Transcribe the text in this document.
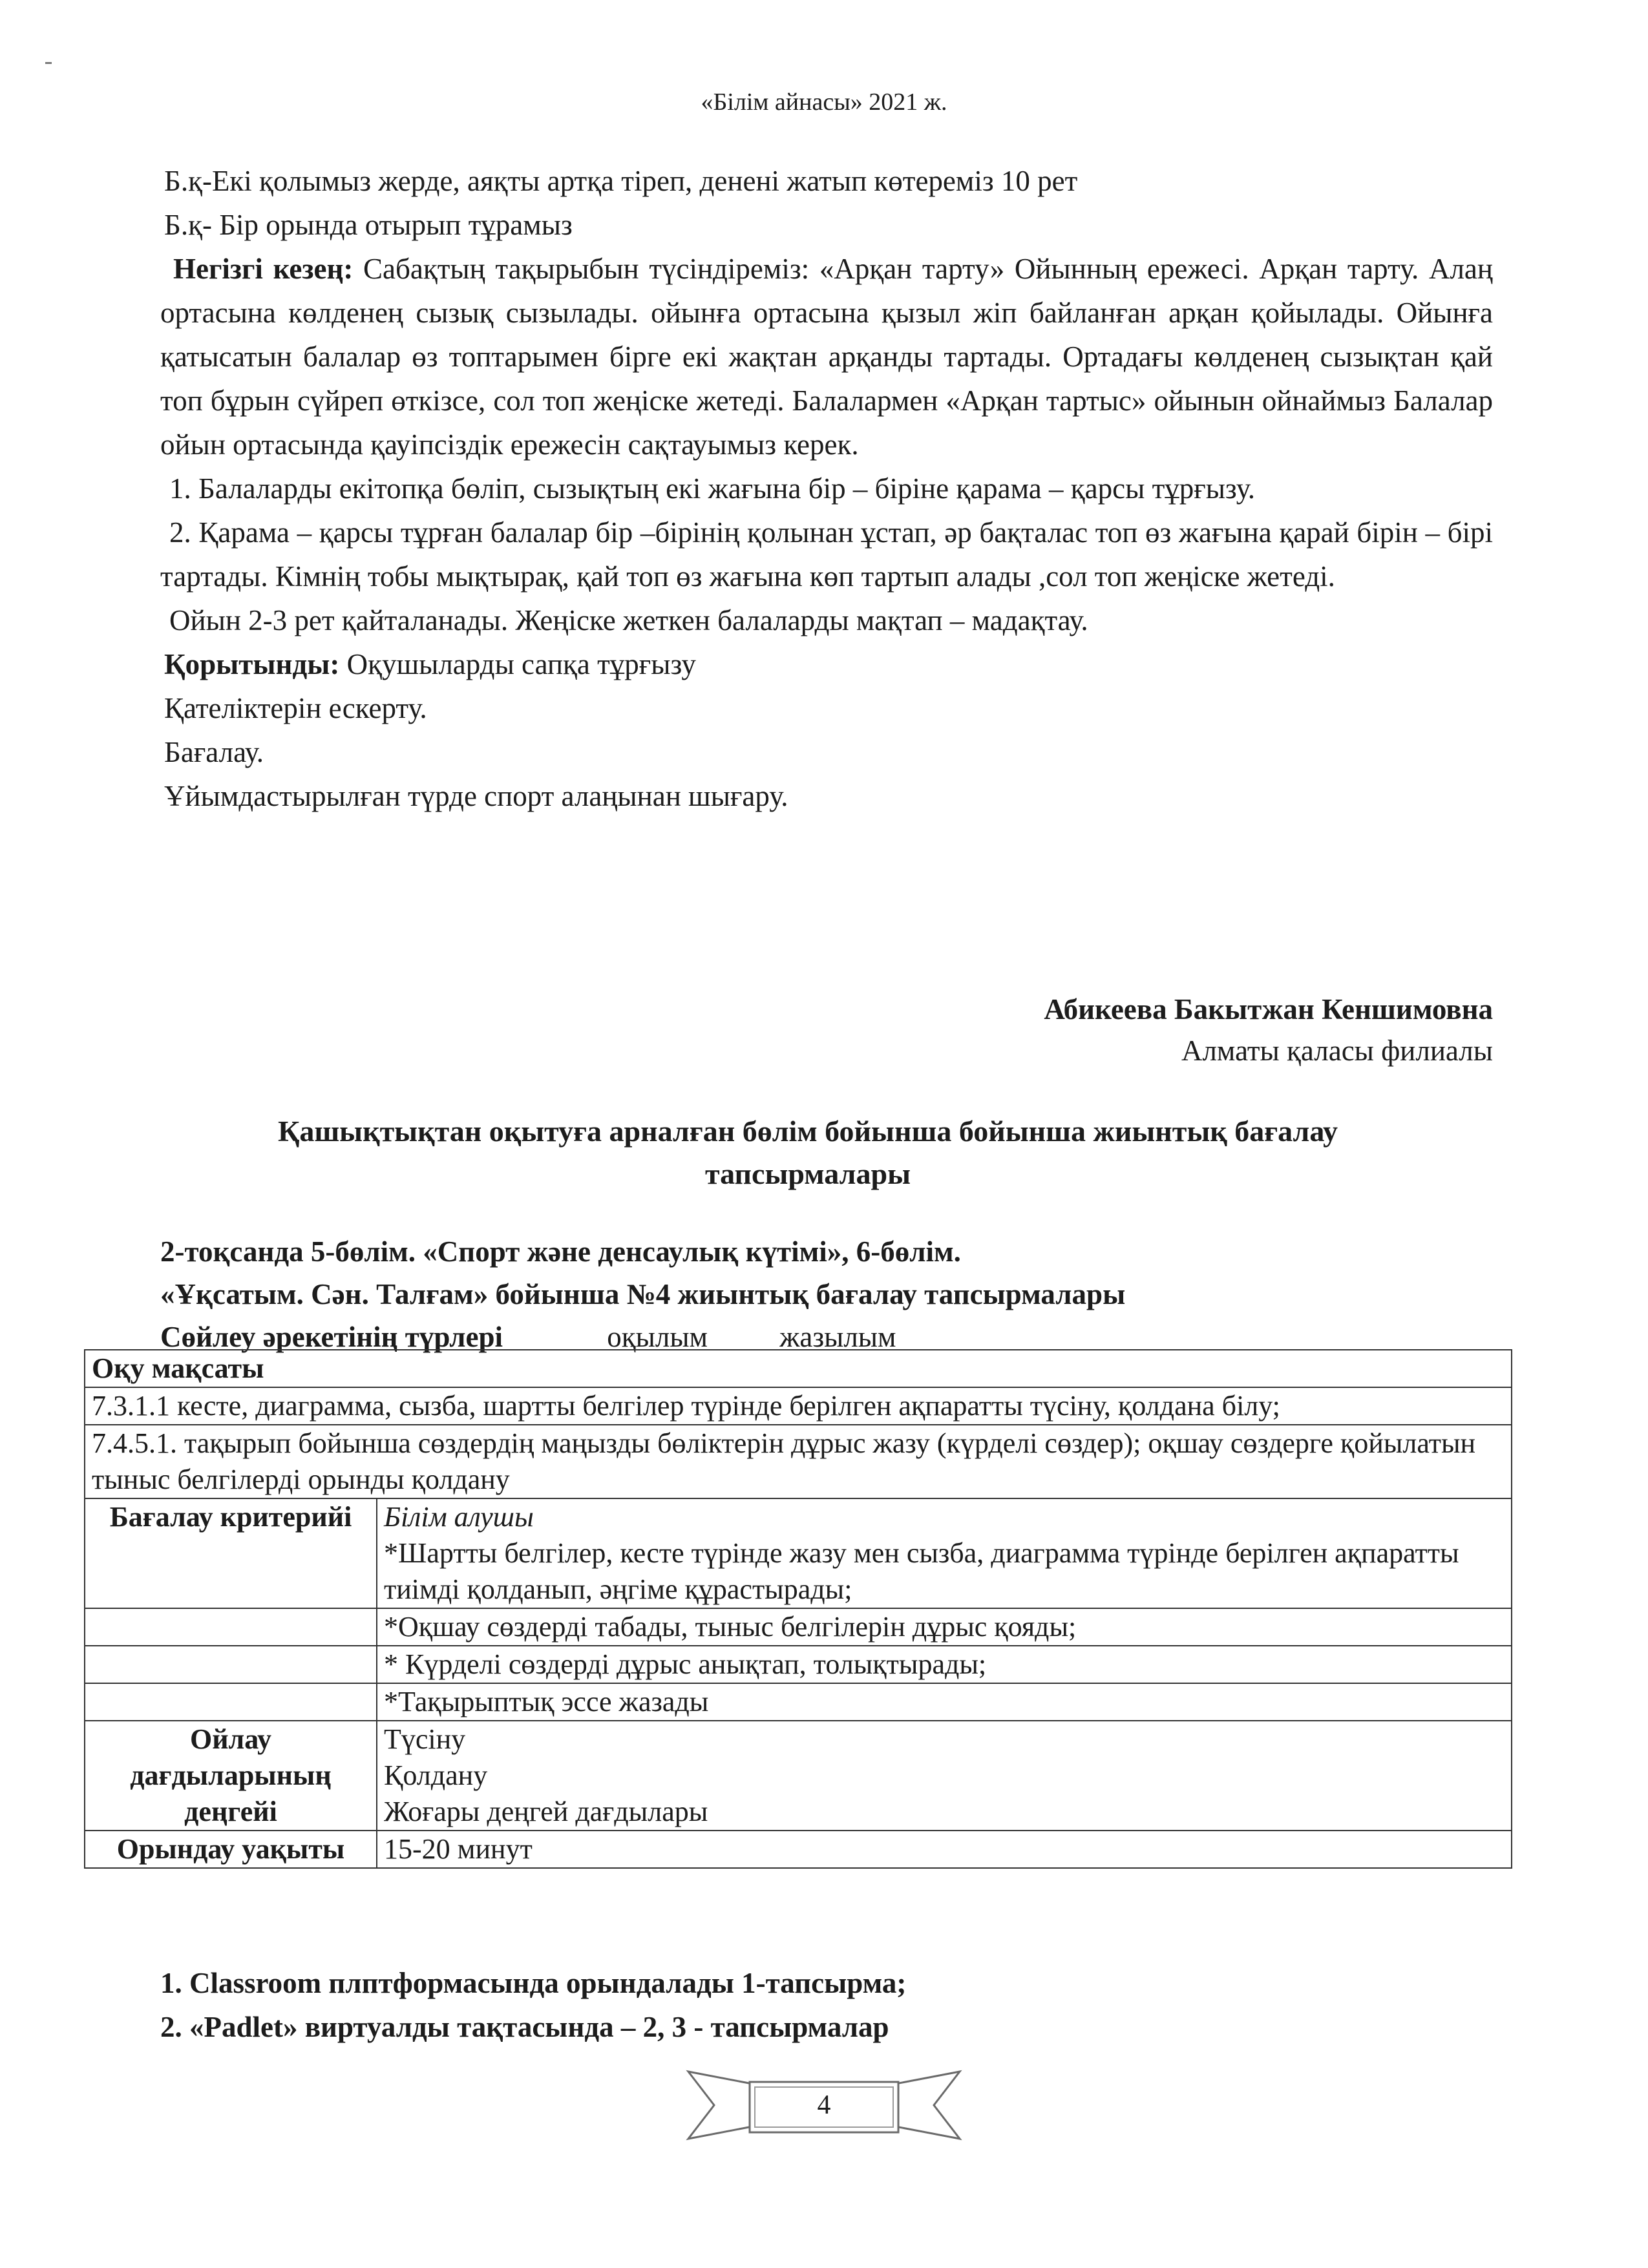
«Білім айнасы» 2021 ж.

Б.қ-Екі қолымыз жерде, аяқты артқа тіреп, денені жатып көтереміз 10 рет

Б.қ- Бір орында отырып тұрамыз

Негізгі кезең: Сабақтың тақырыбын түсіндіреміз: «Арқан тарту» Ойынның ережесі. Арқан тарту. Алаң ортасына көлденең сызық сызылады. ойынға ортасына қызыл жіп байланған арқан қойылады. Ойынға қатысатын балалар өз топтарымен бірге екі жақтан арқанды тартады. Ортадағы көлденең сызықтан қай топ бұрын сүйреп өткізсе, сол топ жеңіске жетеді. Балалармен «Арқан тартыс» ойынын ойнаймыз Балалар ойын ортасында қауіпсіздік ережесін сақтауымыз керек.

1. Балаларды екітопқа бөліп, сызықтың екі жағына бір – біріне қарама – қарсы тұрғызу.

2. Қарама – қарсы тұрған балалар бір –бірінің қолынан ұстап, әр бақталас топ өз жағына қарай бірін – бірі тартады. Кімнің тобы мықтырақ, қай топ өз жағына көп тартып алады ,сол топ жеңіске жетеді.

Ойын 2-3 рет қайталанады. Жеңіске жеткен балаларды мақтап – мадақтау.

Қорытынды: Оқушыларды сапқа тұрғызу

Қателіктерін ескерту.

Бағалау.

Ұйымдастырылған түрде спорт алаңынан шығару.

Абикеева Бакытжан Кеншимовна
Алматы қаласы филиалы
Қашықтықтан оқытуға арналған бөлім бойынша бойынша жиынтық бағалау
тапсырмалары
2-тоқсанда 5-бөлім. «Спорт және денсаулық күтімі», 6-бөлім.
«Ұқсатым. Сән. Талғам» бойынша №4 жиынтық бағалау тапсырмалары
Сөйлеу әрекетінің түрлері	оқылым жазылым
Оқу мақсаты	
7.3.1.1 кесте, диаграмма, сызба, шартты белгілер түрінде берілген ақпаратты түсіну, қолдана білу;	
7.4.5.1. тақырып бойынша сөздердің маңызды бөліктерін дұрыс жазу (күрделі сөздер); оқшау сөздерге қойылатын тыныс белгілерді орынды қолдану	
Бағалау критерийі	Білім алушы
*Шартты белгілер, кесте түрінде жазу мен сызба, диаграмма түрінде берілген ақпаратты тиімді қолданып, әңгіме құрастырады;

	*Оқшау сөздерді табады, тыныс белгілерін дұрыс қояды;
	* Күрделі сөздерді дұрыс анықтап, толықтырады;
	*Тақырыптық эссе жазады
Ойлау дағдыларының деңгейі	Түсіну
Қолдану
Жоғары деңгей дағдылары

Орындау уақыты	15-20 минут
1. Classroom плптформасында орындалады 1-тапсырма;
2. «Padlet» виртуалды тақтасында – 2, 3 - тапсырмалар
4
